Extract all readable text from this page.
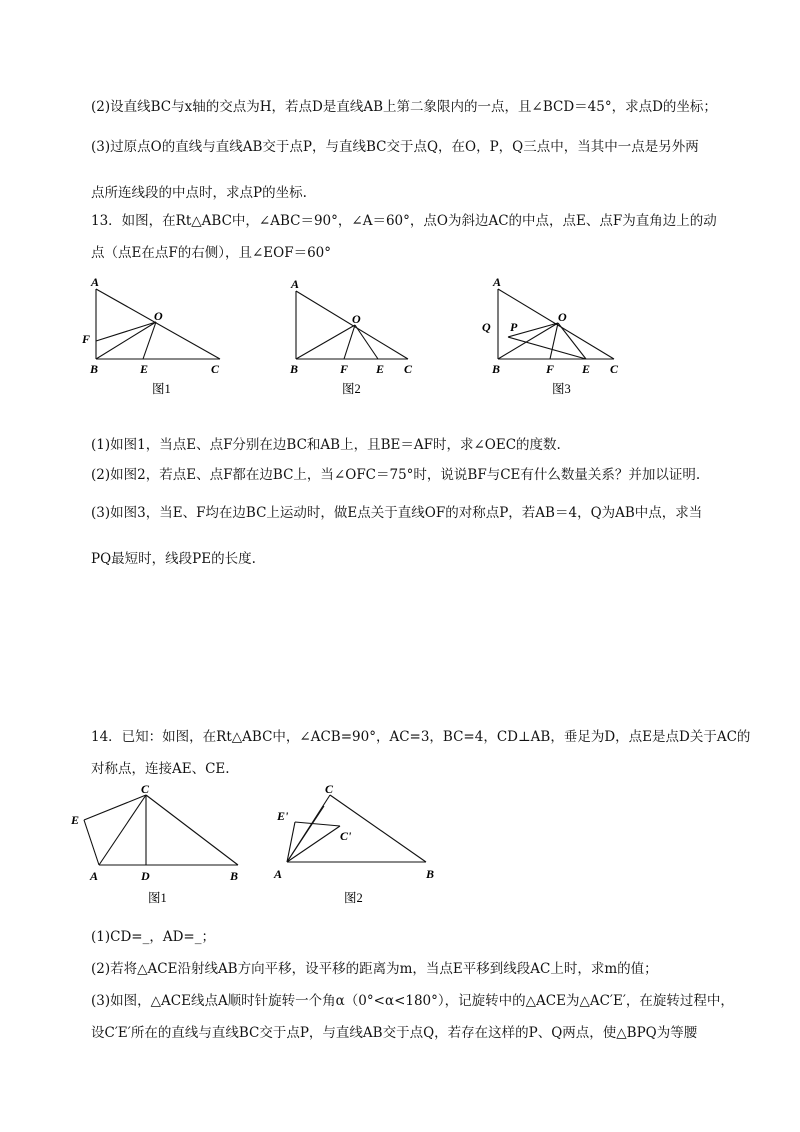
(2)设直线BC与x轴的交点为H，若点D是直线AB上第二象限内的一点，且∠BCD＝45°，求点D的坐标；
(3)过原点O的直线与直线AB交于点P，与直线BC交于点Q，在O，P，Q三点中，当其中一点是另外两
点所连线段的中点时，求点P的坐标.
13．如图，在Rt△ABC中，∠ABC＝90°，∠A＝60°，点O为斜边AC的中点，点E、点F为直角边上的动
点（点E在点F的右侧），且∠EOF＝60°
A
F
O
B	E	C
图1
A
O
B	F E C
图2
A
Q P
O
B	F E C
图3
(1)如图1，当点E、点F分别在边BC和AB上，且BE＝AF时，求∠OEC的度数.
(2)如图2，若点E、点F都在边BC上，当∠OFC＝75°时，说说BF与CE有什么数量关系？并加以证明.
(3)如图3，当E、F均在边BC上运动时，做E点关于直线OF的对称点P，若AB＝4，Q为AB中点，求当
PQ最短时，线段PE的长度.
14．已知：如图，在Rt△ABC中，∠ACB=90°，AC=3，BC=4，CD⊥AB，垂足为D，点E是点D关于AC的
对称点，连接AE、CE.
C
E
A	D	B
图1
C
E'
C'
A	B
图2
(1)CD=_，AD=_；
(2)若将△ACE沿射线AB方向平移，设平移的距离为m，当点E平移到线段AC上时，求m的值；
(3)如图，△ACE线点A顺时针旋转一个角α（0°<α<180°），记旋转中的△ACE为△AC′E′，在旋转过程中，
设C′E′所在的直线与直线BC交于点P，与直线AB交于点Q，若存在这样的P、Q两点，使△BPQ为等腰
